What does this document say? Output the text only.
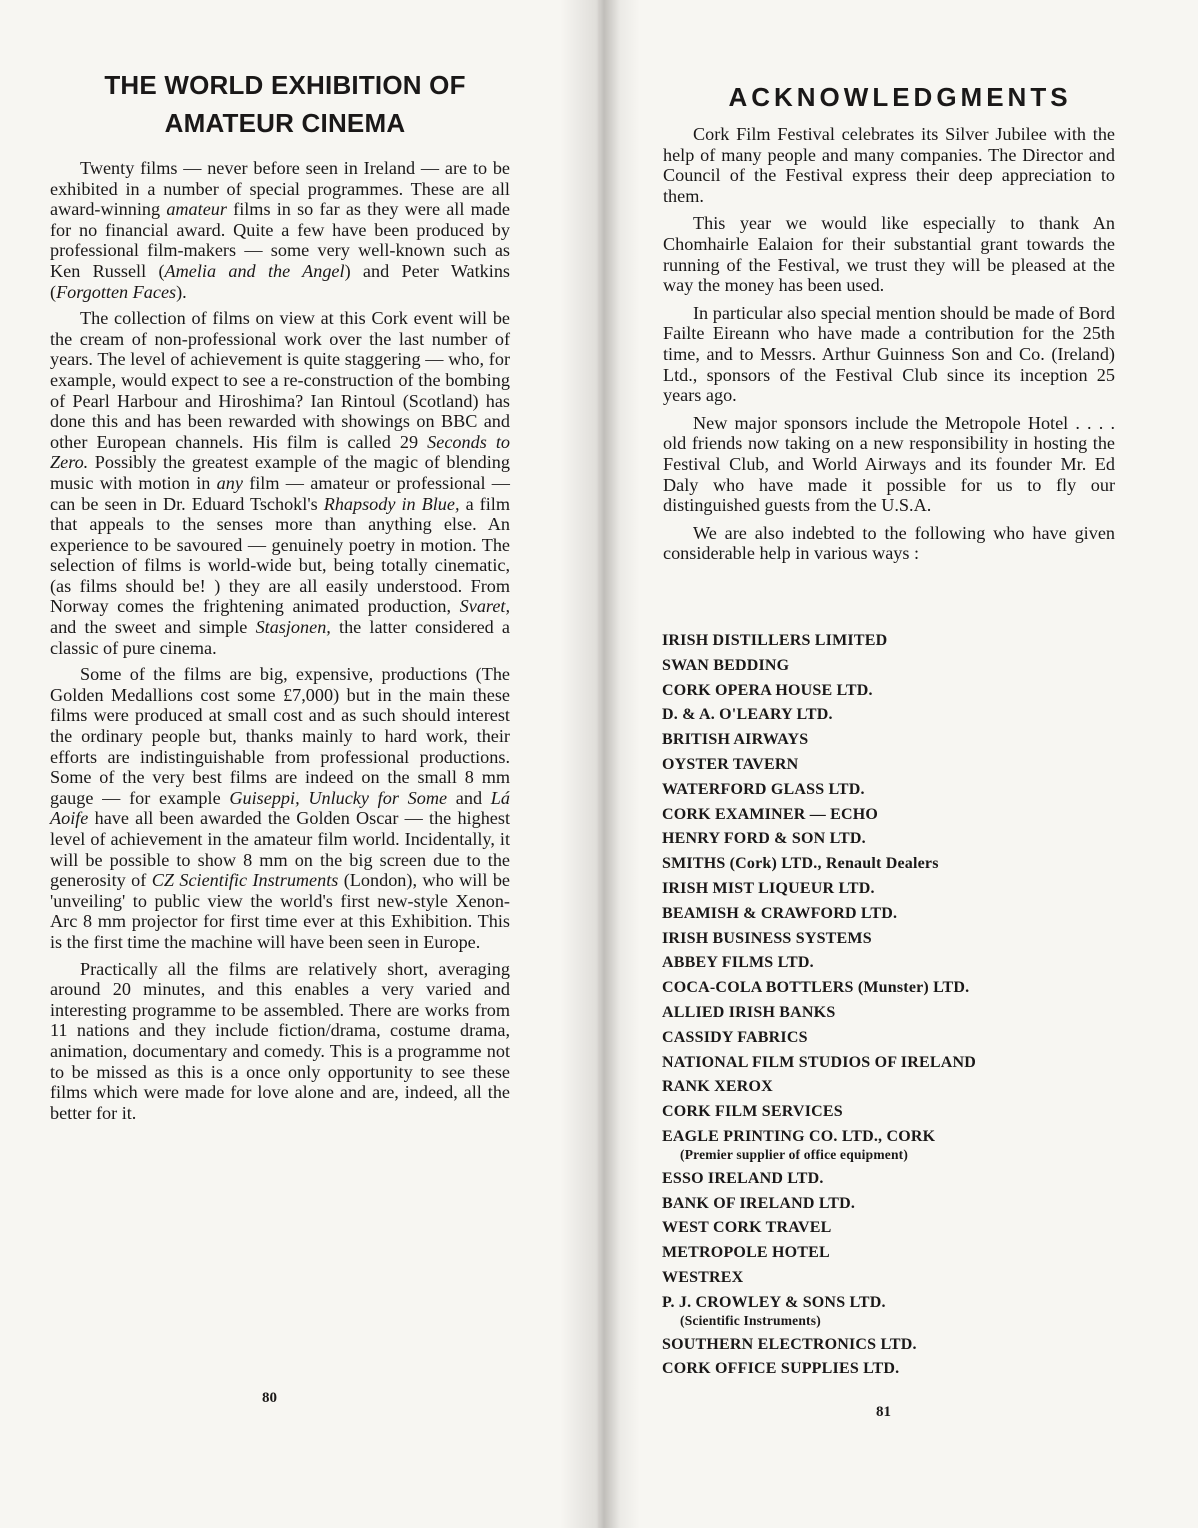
THE WORLD EXHIBITION OF
AMATEUR CINEMA

Twenty films — never before seen in Ireland — are to be exhibited in a number of special programmes. These are all award-winning amateur films in so far as they were all made for no financial award. Quite a few have been produced by professional film-makers — some very well-known such as Ken Russell (Amelia and the Angel) and Peter Watkins (Forgotten Faces).

The collection of films on view at this Cork event will be the cream of non-professional work over the last number of years. The level of achievement is quite staggering — who, for example, would expect to see a re-construction of the bombing of Pearl Harbour and Hiroshima? Ian Rintoul (Scotland) has done this and has been rewarded with showings on BBC and other European channels. His film is called 29 Seconds to Zero. Possibly the greatest example of the magic of blending music with motion in any film — amateur or professional — can be seen in Dr. Eduard Tschokl's Rhapsody in Blue, a film that appeals to the senses more than anything else. An experience to be savoured — genuinely poetry in motion. The selection of films is world-wide but, being totally cinematic, (as films should be! ) they are all easily understood. From Norway comes the frightening animated production, Svaret, and the sweet and simple Stasjonen, the latter considered a classic of pure cinema.

Some of the films are big, expensive, productions (The Golden Medallions cost some £7,000) but in the main these films were produced at small cost and as such should interest the ordinary people but, thanks mainly to hard work, their efforts are indistinguishable from professional productions. Some of the very best films are indeed on the small 8 mm gauge — for example Guiseppi, Unlucky for Some and Lá Aoife have all been awarded the Golden Oscar — the highest level of achievement in the amateur film world. Incidentally, it will be possible to show 8 mm on the big screen due to the generosity of CZ Scientific Instruments (London), who will be 'unveiling' to public view the world's first new-style Xenon-Arc 8 mm projector for first time ever at this Exhibition. This is the first time the machine will have been seen in Europe.

Practically all the films are relatively short, averaging around 20 minutes, and this enables a very varied and interesting programme to be assembled. There are works from 11 nations and they include fiction/drama, costume drama, animation, documentary and comedy. This is a programme not to be missed as this is a once only opportunity to see these films which were made for love alone and are, indeed, all the better for it.

80
ACKNOWLEDGMENTS

Cork Film Festival celebrates its Silver Jubilee with the help of many people and many companies. The Director and Council of the Festival express their deep appreciation to them.

This year we would like especially to thank An Chomhairle Ealaion for their substantial grant towards the running of the Festival, we trust they will be pleased at the way the money has been used.

In particular also special mention should be made of Bord Failte Eireann who have made a contribution for the 25th time, and to Messrs. Arthur Guinness Son and Co. (Ireland) Ltd., sponsors of the Festival Club since its inception 25 years ago.

New major sponsors include the Metropole Hotel . . . . old friends now taking on a new responsibility in hosting the Festival Club, and World Airways and its founder Mr. Ed Daly who have made it possible for us to fly our distinguished guests from the U.S.A.

We are also indebted to the following who have given considerable help in various ways :

IRISH DISTILLERS LIMITED
SWAN BEDDING
CORK OPERA HOUSE LTD.
D. & A. O'LEARY LTD.
BRITISH AIRWAYS
OYSTER TAVERN
WATERFORD GLASS LTD.
CORK EXAMINER — ECHO
HENRY FORD & SON LTD.
SMITHS (Cork) LTD., Renault Dealers
IRISH MIST LIQUEUR LTD.
BEAMISH & CRAWFORD LTD.
IRISH BUSINESS SYSTEMS
ABBEY FILMS LTD.
COCA-COLA BOTTLERS (Munster) LTD.
ALLIED IRISH BANKS
CASSIDY FABRICS
NATIONAL FILM STUDIOS OF IRELAND
RANK XEROX
CORK FILM SERVICES
EAGLE PRINTING CO. LTD., CORK
(Premier supplier of office equipment)
ESSO IRELAND LTD.
BANK OF IRELAND LTD.
WEST CORK TRAVEL
METROPOLE HOTEL
WESTREX
P. J. CROWLEY & SONS LTD.
(Scientific Instruments)
SOUTHERN ELECTRONICS LTD.
CORK OFFICE SUPPLIES LTD.
81
